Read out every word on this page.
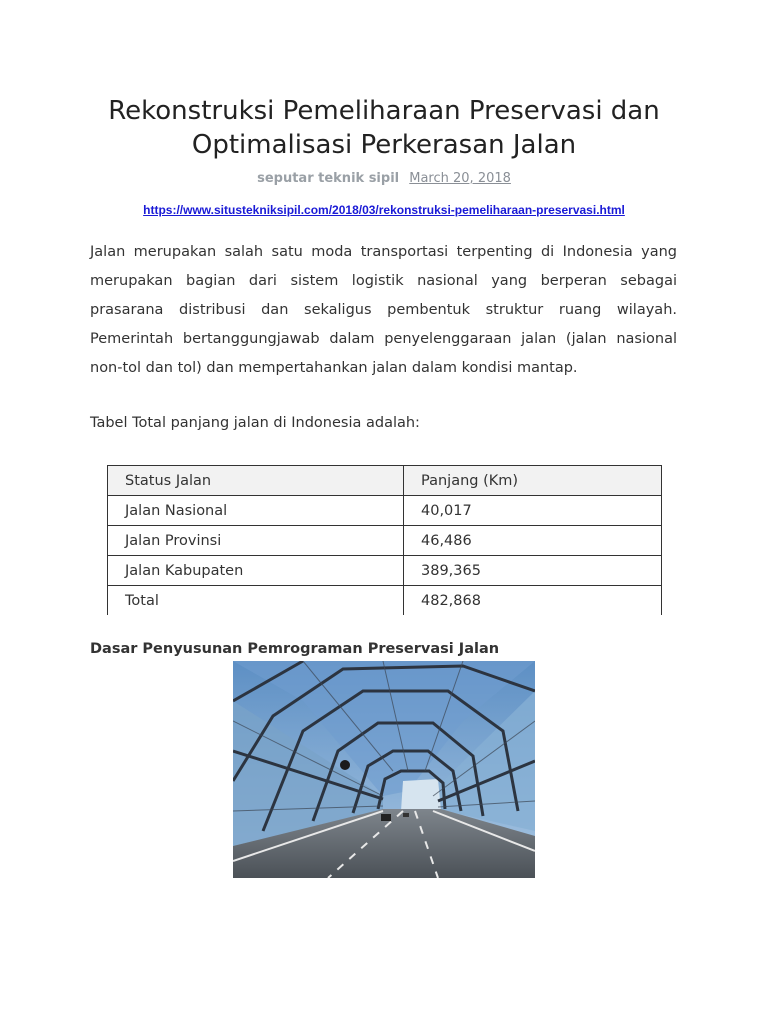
Rekonstruksi Pemeliharaan Preservasi dan
Optimalisasi Perkerasan Jalan
seputar teknik sipil March 20, 2018
https://www.situstekniksipil.com/2018/03/rekonstruksi-pemeliharaan-preservasi.html

Jalan merupakan salah satu moda transportasi terpenting di Indonesia yang merupakan bagian dari sistem logistik nasional yang berperan sebagai prasarana distribusi dan sekaligus pembentuk struktur ruang wilayah. Pemerintah bertanggungjawab dalam penyelenggaraan jalan (jalan nasional non-tol dan tol) dan mempertahankan jalan dalam kondisi mantap.

Tabel Total panjang jalan di Indonesia adalah:

Status Jalan	Panjang (Km)
Jalan Nasional	40,017
Jalan Provinsi	46,486
Jalan Kabupaten	389,365
Total	482,868

Dasar Penyusunan Pemrograman Preservasi Jalan
